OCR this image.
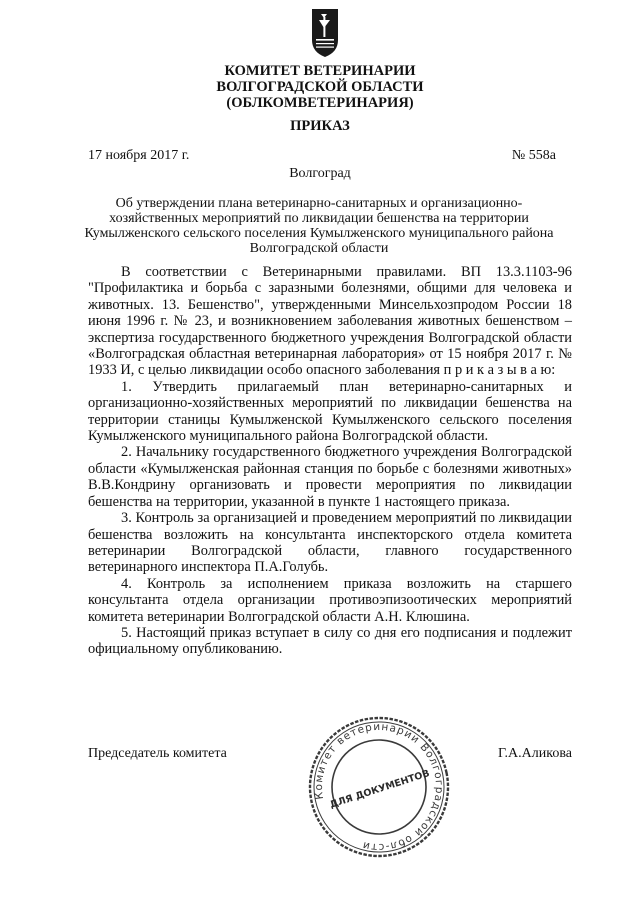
КОМИТЕТ ВЕТЕРИНАРИИ
ВОЛГОГРАДСКОЙ ОБЛАСТИ
(ОБЛКОМВЕТЕРИНАРИЯ)
ПРИКАЗ
17 ноября 2017 г.	№ 558а
Волгоград
Об утверждении плана ветеринарно-санитарных и организационно-хозяйственных мероприятий по ликвидации бешенства на территории Кумылженского сельского поселения Кумылженского муниципального района Волгоградской области

В соответствии с Ветеринарными правилами. ВП 13.3.1103-96 "Профилактика и борьба с заразными болезнями, общими для человека и животных. 13. Бешенство", утвержденными Минсельхозпродом России 18 июня 1996 г. № 23, и возникновением заболевания животных бешенством – экспертиза государственного бюджетного учреждения Волгоградской области «Волгоградская областная ветеринарная лаборатория» от 15 ноября 2017 г. № 1933 И, с целью ликвидации особо опасного заболевания п р и к а з ы в а ю:

1. Утвердить прилагаемый план ветеринарно-санитарных и организационно-хозяйственных мероприятий по ликвидации бешенства на территории станицы Кумылженской Кумылженского сельского поселения Кумылженского муниципального района Волгоградской области.

2. Начальнику государственного бюджетного учреждения Волгоградской области «Кумылженская районная станция по борьбе с болезнями животных» В.В.Кондрину организовать и провести мероприятия по ликвидации бешенства на территории, указанной в пункте 1 настоящего приказа.

3. Контроль за организацией и проведением мероприятий по ликвидации бешенства возложить на консультанта инспекторского отдела комитета ветеринарии Волгоградской области, главного государственного ветеринарного инспектора П.А.Голубь.

4. Контроль за исполнением приказа возложить на старшего консультанта отдела организации противоэпизоотических мероприятий комитета ветеринарии Волгоградской области А.Н. Клюшина.

5. Настоящий приказ вступает в силу со дня его подписания и подлежит официальному опубликованию.

Председатель комитета	Г.А.Аликова
Комитет ветеринарии Волгоградской обл-сти
ДЛЯ ДОКУМЕНТОВ
